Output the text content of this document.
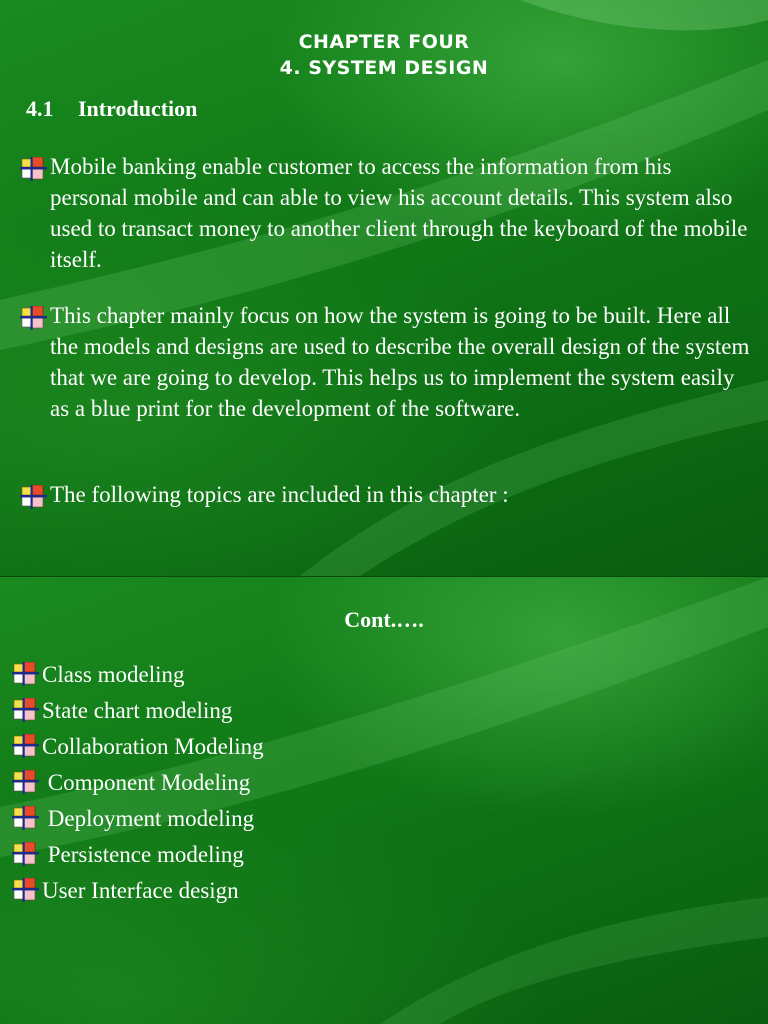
CHAPTER FOUR
4. SYSTEM DESIGN
4.1 Introduction
Mobile banking enable customer to access the information from his personal mobile and can able to view his account details. This system also used to transact money to another client through the keyboard of the mobile itself.
This chapter mainly focus on how the system is going to be built. Here all the models and designs are used to describe the overall design of the system that we are going to develop. This helps us to implement the system easily as a blue print for the development of the software.
The following topics are included in this chapter :
Cont.….

Class modeling

State chart modeling

Collaboration Modeling

Component Modeling

Deployment modeling

Persistence modeling

User Interface design
